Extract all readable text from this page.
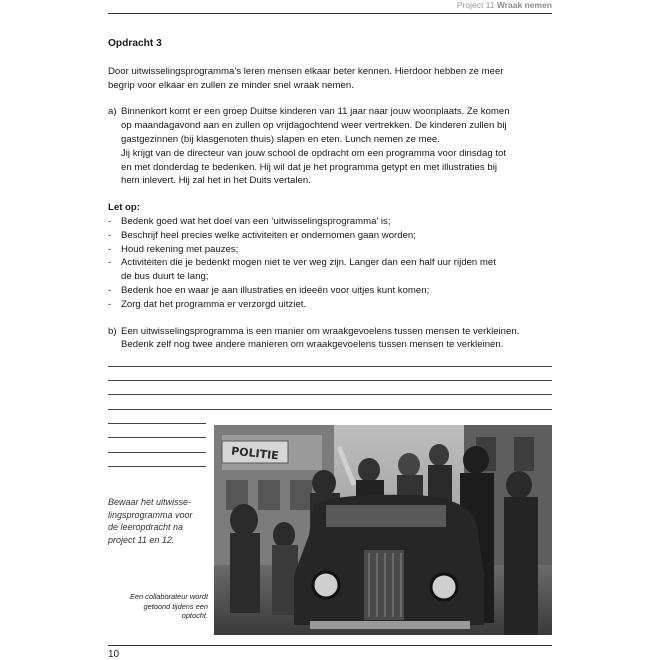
Project 11 Wraak nemen
Opdracht 3
Door uitwisselingsprogramma’s leren mensen elkaar beter kennen. Hierdoor hebben ze meer
begrip voor elkaar en zullen ze minder snel wraak nemen.
a) Binnenkort komt er een groep Duitse kinderen van 11 jaar naar jouw woonplaats. Ze komen
op maandagavond aan en zullen op vrijdagochtend weer vertrekken. De kinderen zullen bij
gastgezinnen (bij klasgenoten thuis) slapen en eten. Lunch nemen ze mee.
Jij krijgt van de directeur van jouw school de opdracht om een programma voor dinsdag tot
en met donderdag te bedenken. Hij wil dat je het programma getypt en met illustraties bij
hem inlevert. Hij zal het in het Duits vertalen.
Let op:
-	Bedenk goed wat het doel van een ‘uitwisselingsprogramma’ is;
-	Beschrijf heel precies welke activiteiten er ondernomen gaan worden;
-	Houd rekening met pauzes;
-	Activiteiten die je bedenkt mogen niet te ver weg zijn. Langer dan een half uur rijden met
de bus duurt te lang;
-	Bedenk hoe en waar je aan illustraties en ideeën voor uitjes kunt komen;
-	Zorg dat het programma er verzorgd uitziet.
b) Een uitwisselingsprogramma is een manier om wraakgevoelens tussen mensen te verkleinen.
Bedenk zelf nog twee andere manieren om wraakgevoelens tussen mensen te verkleinen.
Bewaar het uitwisse-
lingsprogramma voor
de leeropdracht na
project 11 en 12.
Een collaborateur wordt
getoond tijdens een
optocht.
POLITIE
10
